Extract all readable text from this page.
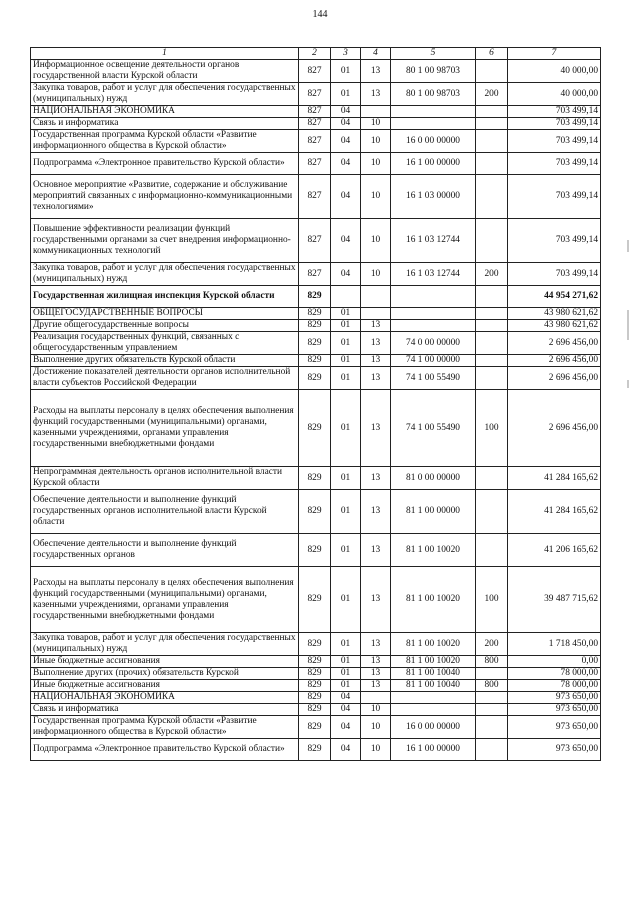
144
1	2	3	4	5	6	7
Информационное освещение деятельности органов государственной власти Курской области	827	01	13	80 1 00 98703		40 000,00
Закупка товаров, работ и услуг для обеспечения государственных (муниципальных) нужд	827	01	13	80 1 00 98703	200	40 000,00
НАЦИОНАЛЬНАЯ ЭКОНОМИКА	827	04				703 499,14
Связь и информатика	827	04	10			703 499,14
Государственная программа Курской области «Развитие информационного общества в Курской области»	827	04	10	16 0 00 00000		703 499,14
Подпрограмма «Электронное правительство Курской области»	827	04	10	16 1 00 00000		703 499,14
Основное мероприятие «Развитие, содержание и обслуживание мероприятий связанных с информационно-коммуникационными технологиями»	827	04	10	16 1 03 00000		703 499,14
Повышение эффективности реализации функций государственными органами за счет внедрения информационно-коммуникационных технологий	827	04	10	16 1 03 12744		703 499,14
Закупка товаров, работ и услуг для обеспечения государственных (муниципальных) нужд	827	04	10	16 1 03 12744	200	703 499,14
Государственная жилищная инспекция Курской области	829					44 954 271,62
ОБЩЕГОСУДАРСТВЕННЫЕ ВОПРОСЫ	829	01				43 980 621,62
Другие общегосударственные вопросы	829	01	13			43 980 621,62
Реализация государственных функций, связанных с общегосударственным управлением	829	01	13	74 0 00 00000		2 696 456,00
Выполнение других обязательств Курской области	829	01	13	74 1 00 00000		2 696 456,00
Достижение показателей деятельности органов исполнительной власти субъектов Российской Федерации	829	01	13	74 1 00 55490		2 696 456,00
Расходы на выплаты персоналу в целях обеспечения выполнения функций государственными (муниципальными) органами, казенными учреждениями, органами управления государственными внебюджетными фондами	829	01	13	74 1 00 55490	100	2 696 456,00
Непрограммная деятельность органов исполнительной власти Курской области	829	01	13	81 0 00 00000		41 284 165,62
Обеспечение деятельности и выполнение функций государственных органов исполнительной власти Курской области	829	01	13	81 1 00 00000		41 284 165,62
Обеспечение деятельности и выполнение функций государственных органов	829	01	13	81 1 00 10020		41 206 165,62
Расходы на выплаты персоналу в целях обеспечения выполнения функций государственными (муниципальными) органами, казенными учреждениями, органами управления государственными внебюджетными фондами	829	01	13	81 1 00 10020	100	39 487 715,62
Закупка товаров, работ и услуг для обеспечения государственных (муниципальных) нужд	829	01	13	81 1 00 10020	200	1 718 450,00
Иные бюджетные ассигнования	829	01	13	81 1 00 10020	800	0,00
Выполнение других (прочих) обязательств Курской	829	01	13	81 1 00 10040		78 000,00
Иные бюджетные ассигнования	829	01	13	81 1 00 10040	800	78 000,00
НАЦИОНАЛЬНАЯ ЭКОНОМИКА	829	04				973 650,00
Связь и информатика	829	04	10			973 650,00
Государственная программа Курской области «Развитие информационного общества в Курской области»	829	04	10	16 0 00 00000		973 650,00
Подпрограмма «Электронное правительство Курской области»	829	04	10	16 1 00 00000		973 650,00
